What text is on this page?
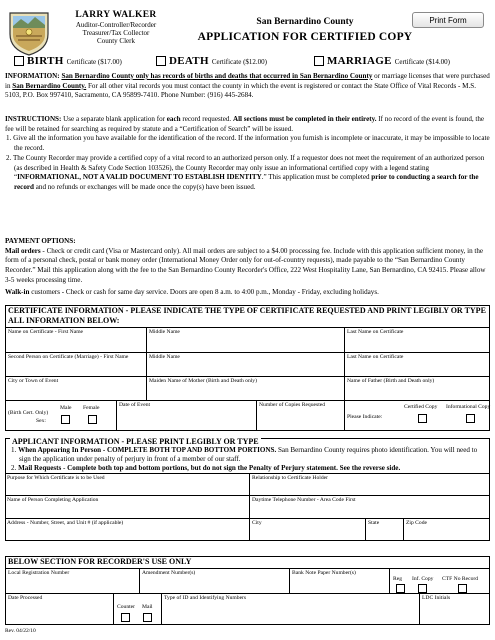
LARRY WALKER
Auditor-Controller/Recorder
Treasurer/Tax Collector
County Clerk
San Bernardino County
APPLICATION FOR CERTIFIED COPY
Print Form
BIRTH Certificate ($17.00)	DEATH Certificate ($12.00)	MARRIAGE Certificate ($14.00)
INFORMATION: San Bernardino County only has records of births and deaths that occurred in San Bernardino County or marriage licenses that were purchased in San Bernardino County. For all other vital records you must contact the county in which the event is registered or contact the State Office of Vital Records - M.S. 5103, P.O. Box 997410, Sacramento, CA 95899-7410. Phone Number: (916) 445-2684.
INSTRUCTIONS: Use a separate blank application for each record requested. All sections must be completed in their entirety. If no record of the event is found, the fee will be retained for searching as required by statute and a “Certification of Search” will be issued.
1. Give all the information you have available for the identification of the record. If the information you furnish is incomplete or inaccurate, it may be impossible to locate the record.
2. The County Recorder may provide a certified copy of a vital record to an authorized person only. If a requestor does not meet the requirement of an authorized person (as described in Health & Safety Code Section 103526), the County Recorder may only issue an informational certified copy with a legend stating “INFORMATIONAL, NOT A VALID DOCUMENT TO ESTABLISH IDENTITY.” This application must be completed prior to conducting a search for the record and no refunds or exchanges will be made once the copy(s) have been issued.
PAYMENT OPTIONS:
Mail orders - Check or credit card (Visa or Mastercard only). All mail orders are subject to a $4.00 processing fee. Include with this application sufficient money, in the form of a personal check, postal or bank money order (International Money Order only for out-of-country requests), made payable to the “San Bernardino County Recorder.” Mail this application along with the fee to the San Bernardino County Recorder's Office, 222 West Hospitality Lane, San Bernardino, CA 92415. Please allow 3-5 weeks processing time.
Walk-in customers - Check or cash for same day service. Doors are open 8 a.m. to 4:00 p.m., Monday - Friday, excluding holidays.
CERTIFICATE INFORMATION - PLEASE INDICATE THE TYPE OF CERTIFICATE REQUESTED AND PRINT LEGIBLY OR TYPE ALL INFORMATION BELOW:
Name on Certificate - First Name	Middle Name	Last Name on Certificate
Second Person on Certificate (Marriage) - First Name	Middle Name	Last Name on Certificate
City or Town of Event	Maiden Name of Mother (Birth and Death only)	Name of Father (Birth and Death only)
(Birth Cert. Only)
Sex:
Male	Female	Date of Event	Number of Copies Requested
Please Indicate:
Certified Copy	Informational Copy
APPLICANT INFORMATION - PLEASE PRINT LEGIBLY OR TYPE
1. When Appearing In Person - COMPLETE BOTH TOP AND BOTTOM PORTIONS. San Bernardino County requires photo identification. You will need to sign the application under penalty of perjury in front of a member of our staff.
2. Mail Requests - Complete both top and bottom portions, but do not sign the Penalty of Perjury statement. See the reverse side.
Purpose for Which Certificate is to be Used	Relationship to Certificate Holder
Name of Person Completing Application	Daytime Telephone Number - Area Code First
Address - Number, Street, and Unit # (if applicable)	City	State	Zip Code
BELOW SECTION FOR RECORDER'S USE ONLY
Local Registration Number	Amendment Number(s)	Bank Note Paper Number(s)
Reg	Inf. Copy	CTF No Record
Date Processed
Counter	Mail
Type of ID and Identifying Numbers	LDC Initials
Rev. 04/22/10
